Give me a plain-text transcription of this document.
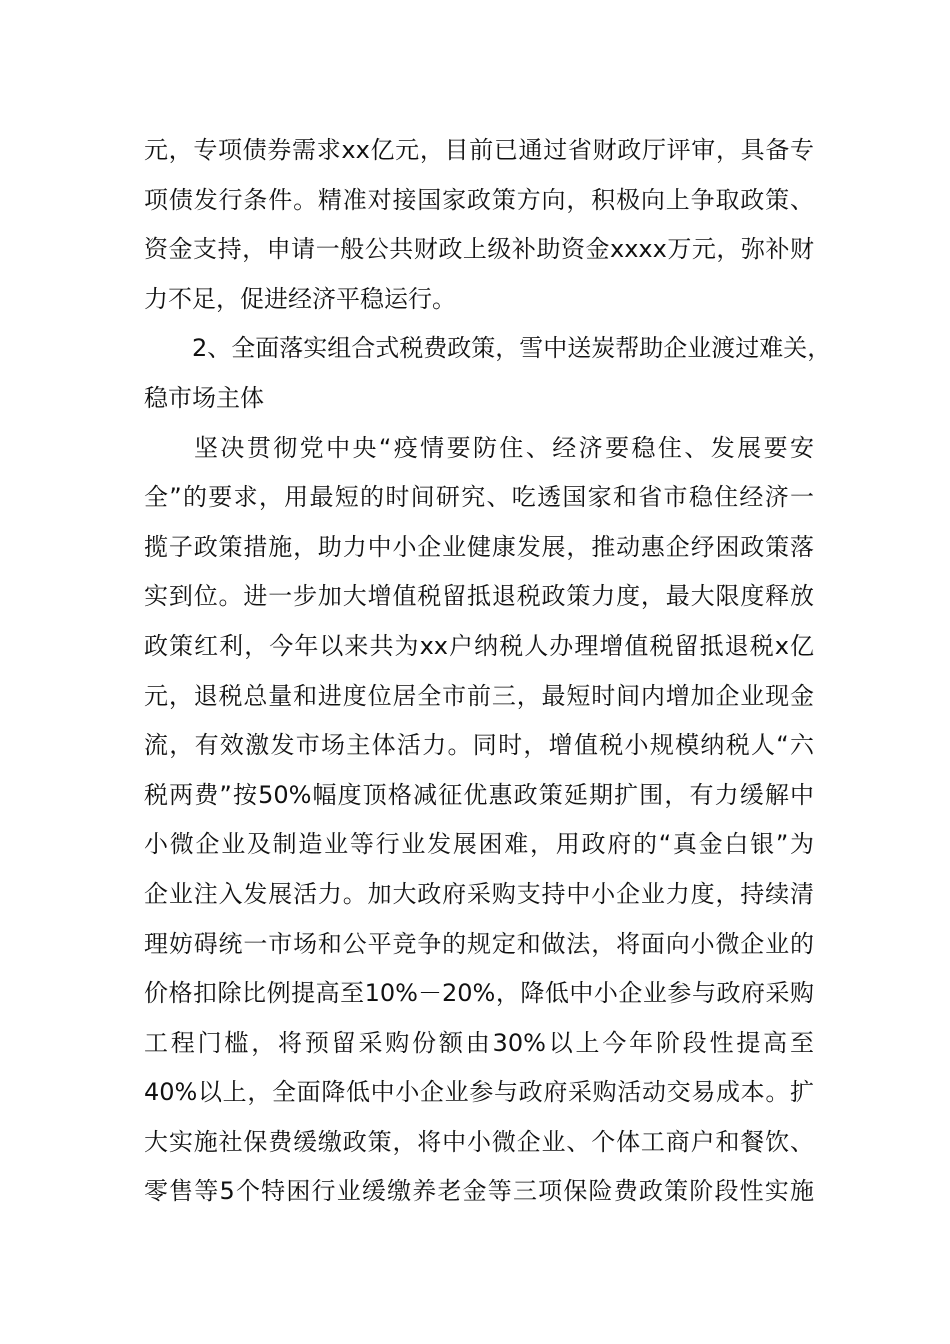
元，专项债券需求xx亿元，目前已通过省财政厅评审，具备专
项债发行条件。精准对接国家政策方向，积极向上争取政策、
资金支持，申请一般公共财政上级补助资金xxxx万元，弥补财
力不足，促进经济平稳运行。
2、全面落实组合式税费政策，雪中送炭帮助企业渡过难关，
稳市场主体
坚决贯彻党中央“疫情要防住、经济要稳住、发展要安
全”的要求，用最短的时间研究、吃透国家和省市稳住经济一
揽子政策措施，助力中小企业健康发展，推动惠企纾困政策落
实到位。进一步加大增值税留抵退税政策力度，最大限度释放
政策红利，今年以来共为xx户纳税人办理增值税留抵退税x亿
元，退税总量和进度位居全市前三，最短时间内增加企业现金
流，有效激发市场主体活力。同时，增值税小规模纳税人“六
税两费”按50%幅度顶格减征优惠政策延期扩围，有力缓解中
小微企业及制造业等行业发展困难，用政府的“真金白银”为
企业注入发展活力。加大政府采购支持中小企业力度，持续清
理妨碍统一市场和公平竞争的规定和做法，将面向小微企业的
价格扣除比例提高至10%－20%，降低中小企业参与政府采购
工程门槛，将预留采购份额由30%以上今年阶段性提高至
40%以上，全面降低中小企业参与政府采购活动交易成本。扩
大实施社保费缓缴政策，将中小微企业、个体工商户和餐饮、
零售等5个特困行业缓缴养老金等三项保险费政策阶段性实施
